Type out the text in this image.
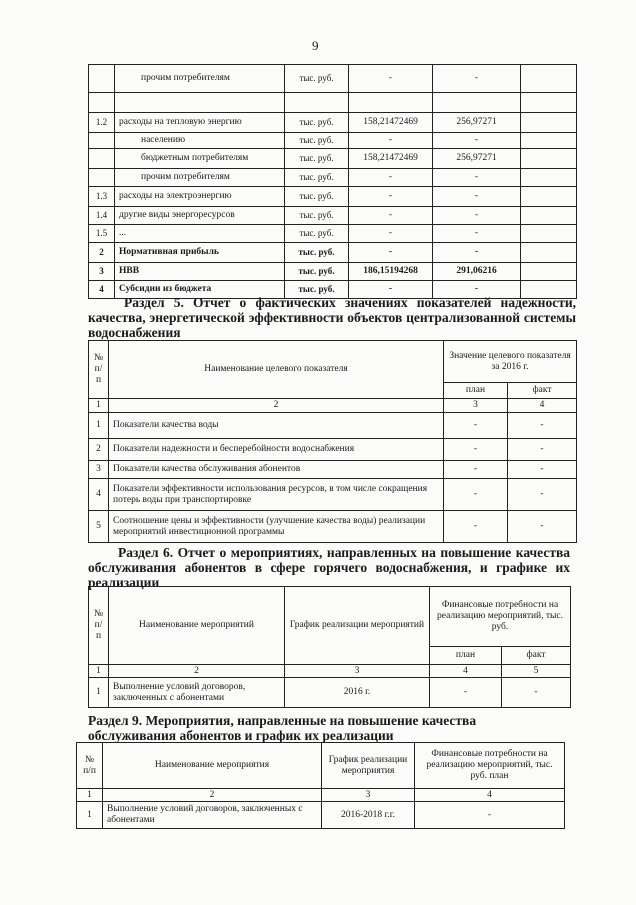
9
	прочим потребителям	тыс. руб.	-	-	

1.2	расходы на тепловую энергию	тыс. руб.	158,21472469	256,97271	
	населению	тыс. руб.	-	-	
	бюджетным потребителям	тыс. руб.	158,21472469	256,97271	
	прочим потребителям	тыс. руб.	-	-	
1.3	расходы на электроэнергию	тыс. руб.	-	-	
1.4	другие виды энергоресурсов	тыс. руб.	-	-	
1.5	...	тыс. руб.	-	-	
2	Нормативная прибыль	тыс. руб.	-	-	
3	НВВ	тыс. руб.	186,15194268	291,06216	
4	Субсидии из бюджета	тыс. руб.	-	-	
Раздел 5. Отчет о фактических значениях показателей надежности, качества, энергетической эффективности объектов централизованной системы водоснабжения
№ п/п	Наименование целевого показателя	Значение целевого показателя за 2016 г.	
		план	факт
1	2	3	4
1	Показатели качества воды	-	-
2	Показатели надежности и бесперебойности водоснабжения	-	-
3	Показатели качества обслуживания абонентов	-	-
4	Показатели эффективности использования ресурсов, в том числе сокращения потерь воды при транспортировке	-	-
5	Соотношение цены и эффективности (улучшение качества воды) реализации мероприятий инвестиционной программы	-	-
Раздел 6. Отчет о мероприятиях, направленных на повышение качества обслуживания абонентов в сфере горячего водоснабжения, и графике их реализации
№ п/п	Наименование мероприятий	График реализации мероприятий	Финансовые потребности на реализацию мероприятий, тыс. руб.	
			план	факт
1	2	3	4	5
1	Выполнение условий договоров, заключенных с абонентами	2016 г.	-	-
Раздел 9. Мероприятия, направленные на повышение качества
обслуживания абонентов и график их реализации
№ п/п	Наименование мероприятия	График реализации мероприятия	Финансовые потребности на реализацию мероприятий, тыс. руб. план
1	2	3	4
1	Выполнение условий договоров, заключенных с абонентами	2016-2018 г.г.	-
